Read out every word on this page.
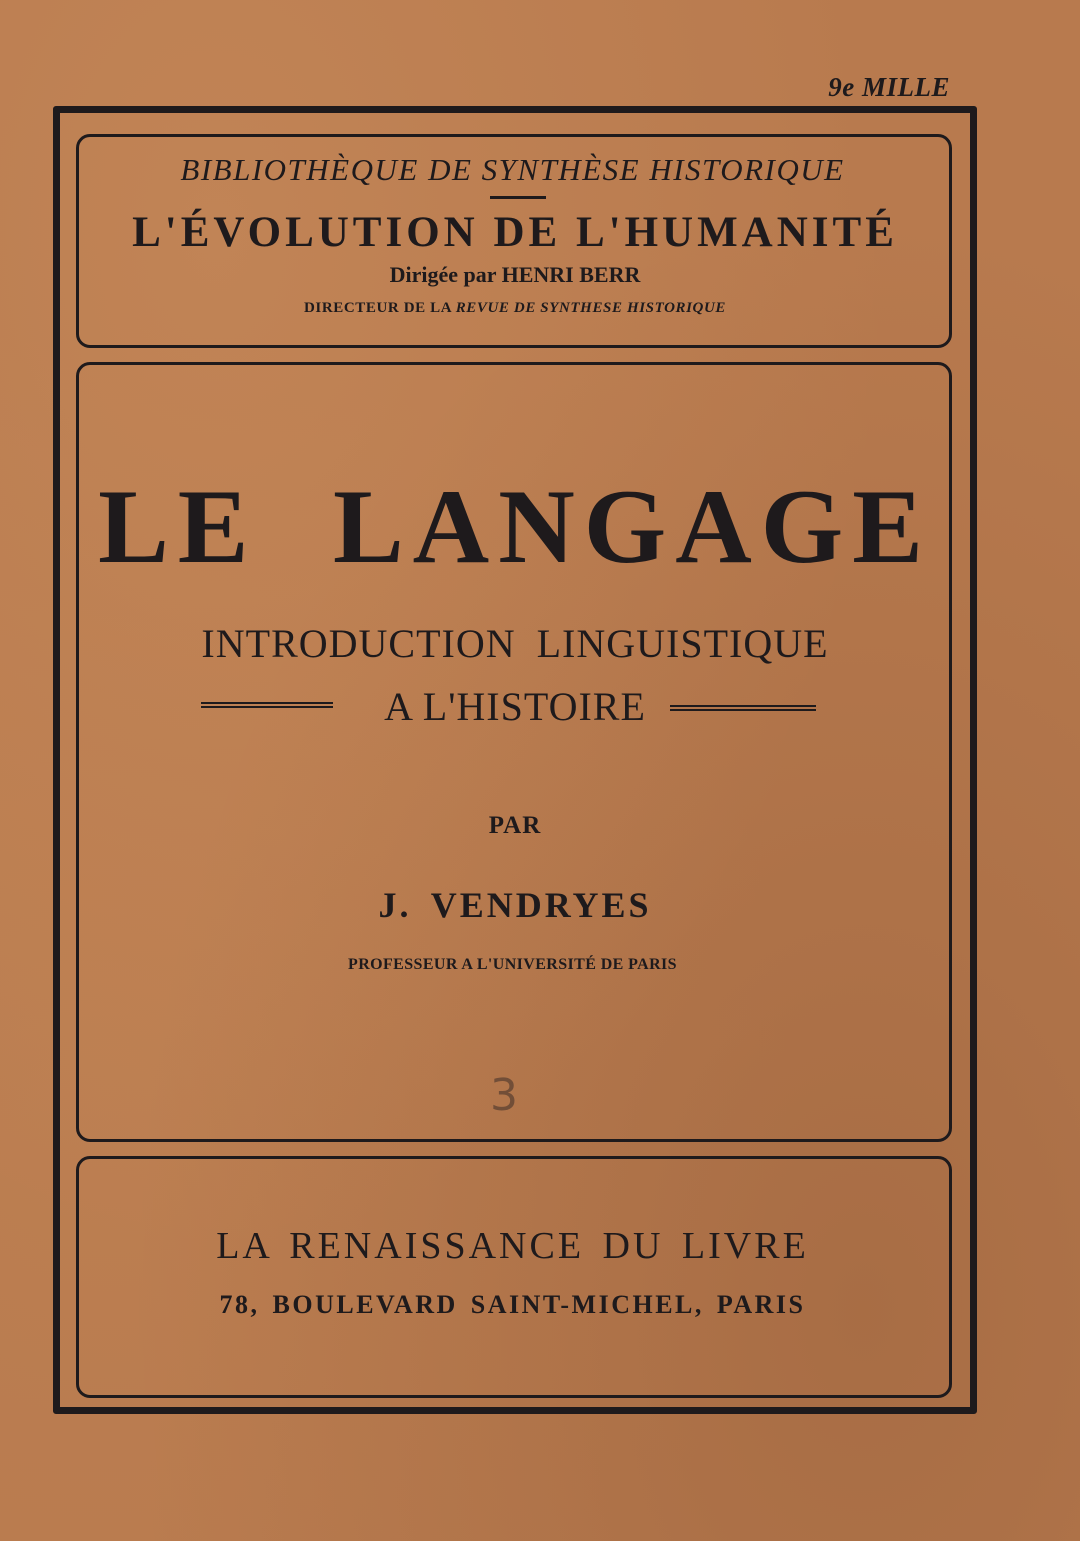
9e MILLE
BIBLIOTHÈQUE DE SYNTHÈSE HISTORIQUE
L'ÉVOLUTION DE L'HUMANITÉ
Dirigée par HENRI BERR
DIRECTEUR DE LA REVUE DE SYNTHESE HISTORIQUE
LE LANGAGE
INTRODUCTION LINGUISTIQUE
A L'HISTOIRE
PAR
J. VENDRYES
PROFESSEUR A L'UNIVERSITÉ DE PARIS
3
LA RENAISSANCE DU LIVRE
78, BOULEVARD SAINT-MICHEL, PARIS
